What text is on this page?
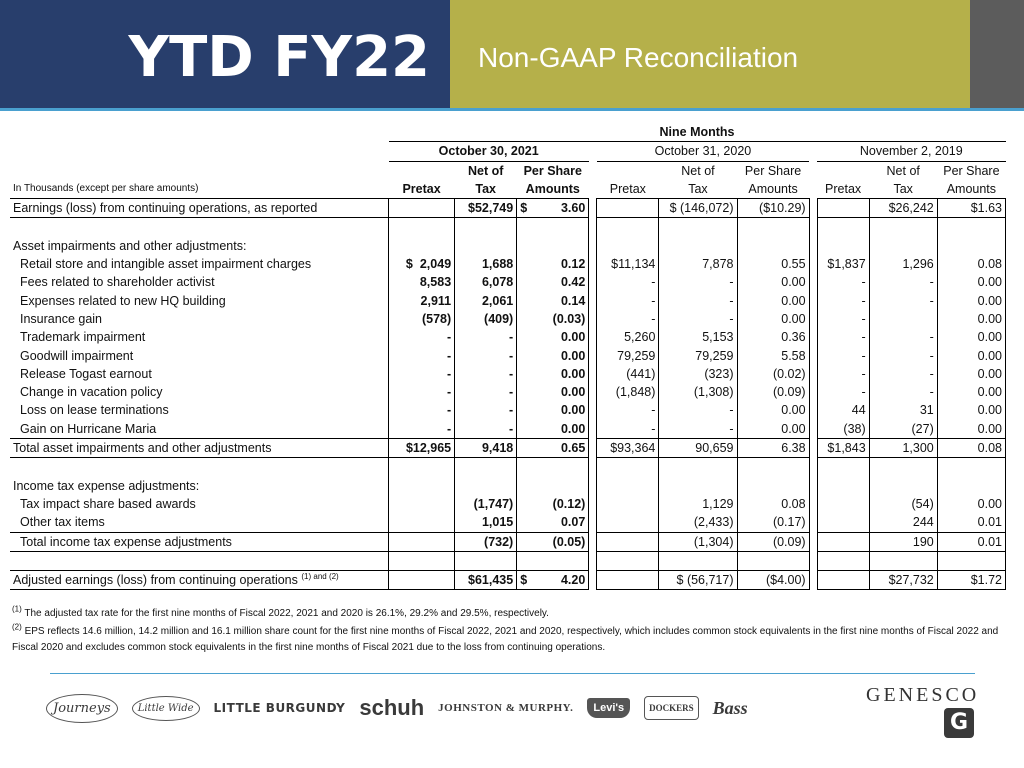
YTD FY22 Non-GAAP Reconciliation
	Nine Months										
	October 30, 2021				October 31, 2020				November 2, 2019		
		Net of	Per Share			Net of	Per Share			Net of	Per Share
In Thousands (except per share amounts)	Pretax	Tax	Amounts		Pretax	Tax	Amounts		Pretax	Tax	Amounts
Earnings (loss) from continuing operations, as reported		$52,749	$ 3.60			$ (146,072)	($10.29)			$26,242	$1.63

Asset impairments and other adjustments:											
Retail store and intangible asset impairment charges	$ 2,049	1,688	0.12		$11,134	7,878	0.55		$1,837	1,296	0.08
Fees related to shareholder activist	8,583	6,078	0.42		-	-	0.00		-	-	0.00
Expenses related to new HQ building	2,911	2,061	0.14		-	-	0.00		-	-	0.00
Insurance gain	(578)	(409)	(0.03)		-	-	0.00		-		0.00
Trademark impairment	-	-	0.00		5,260	5,153	0.36		-	-	0.00
Goodwill impairment	-	-	0.00		79,259	79,259	5.58		-	-	0.00
Release Togast earnout	-	-	0.00		(441)	(323)	(0.02)		-	-	0.00
Change in vacation policy	-	-	0.00		(1,848)	(1,308)	(0.09)		-	-	0.00
Loss on lease terminations	-	-	0.00		-	-	0.00		44	31	0.00
Gain on Hurricane Maria	-	-	0.00		-	-	0.00		(38)	(27)	0.00
Total asset impairments and other adjustments	$12,965	9,418	0.65		$93,364	90,659	6.38		$1,843	1,300	0.08

Income tax expense adjustments:											
Tax impact share based awards		(1,747)	(0.12)			1,129	0.08			(54)	0.00
Other tax items		1,015	0.07			(2,433)	(0.17)			244	0.01
Total income tax expense adjustments		(732)	(0.05)			(1,304)	(0.09)			190	0.01

Adjusted earnings (loss) from continuing operations $^{(1) and (2)}$		$61,435	$ 4.20			$ (56,717)	($4.00)			$27,732	$1.72
$^{(1)}$ The adjusted tax rate for the first nine months of Fiscal 2022, 2021 and 2020 is 26.1%, 29.2% and 29.5%, respectively.
$^{(2)}$ EPS reflects 14.6 million, 14.2 million and 16.1 million share count for the first nine months of Fiscal 2022, 2021 and 2020, respectively, which includes common stock equivalents in the first nine months of Fiscal 2022 and Fiscal 2020 and excludes common stock equivalents in the first nine months of Fiscal 2021 due to the loss from continuing operations.
Journeys	Little Wide	LITTLE BURGUNDY schuh JOHNSTON & MURPHY.	Levi's	DOCKERS Bass
GENESCO
G
